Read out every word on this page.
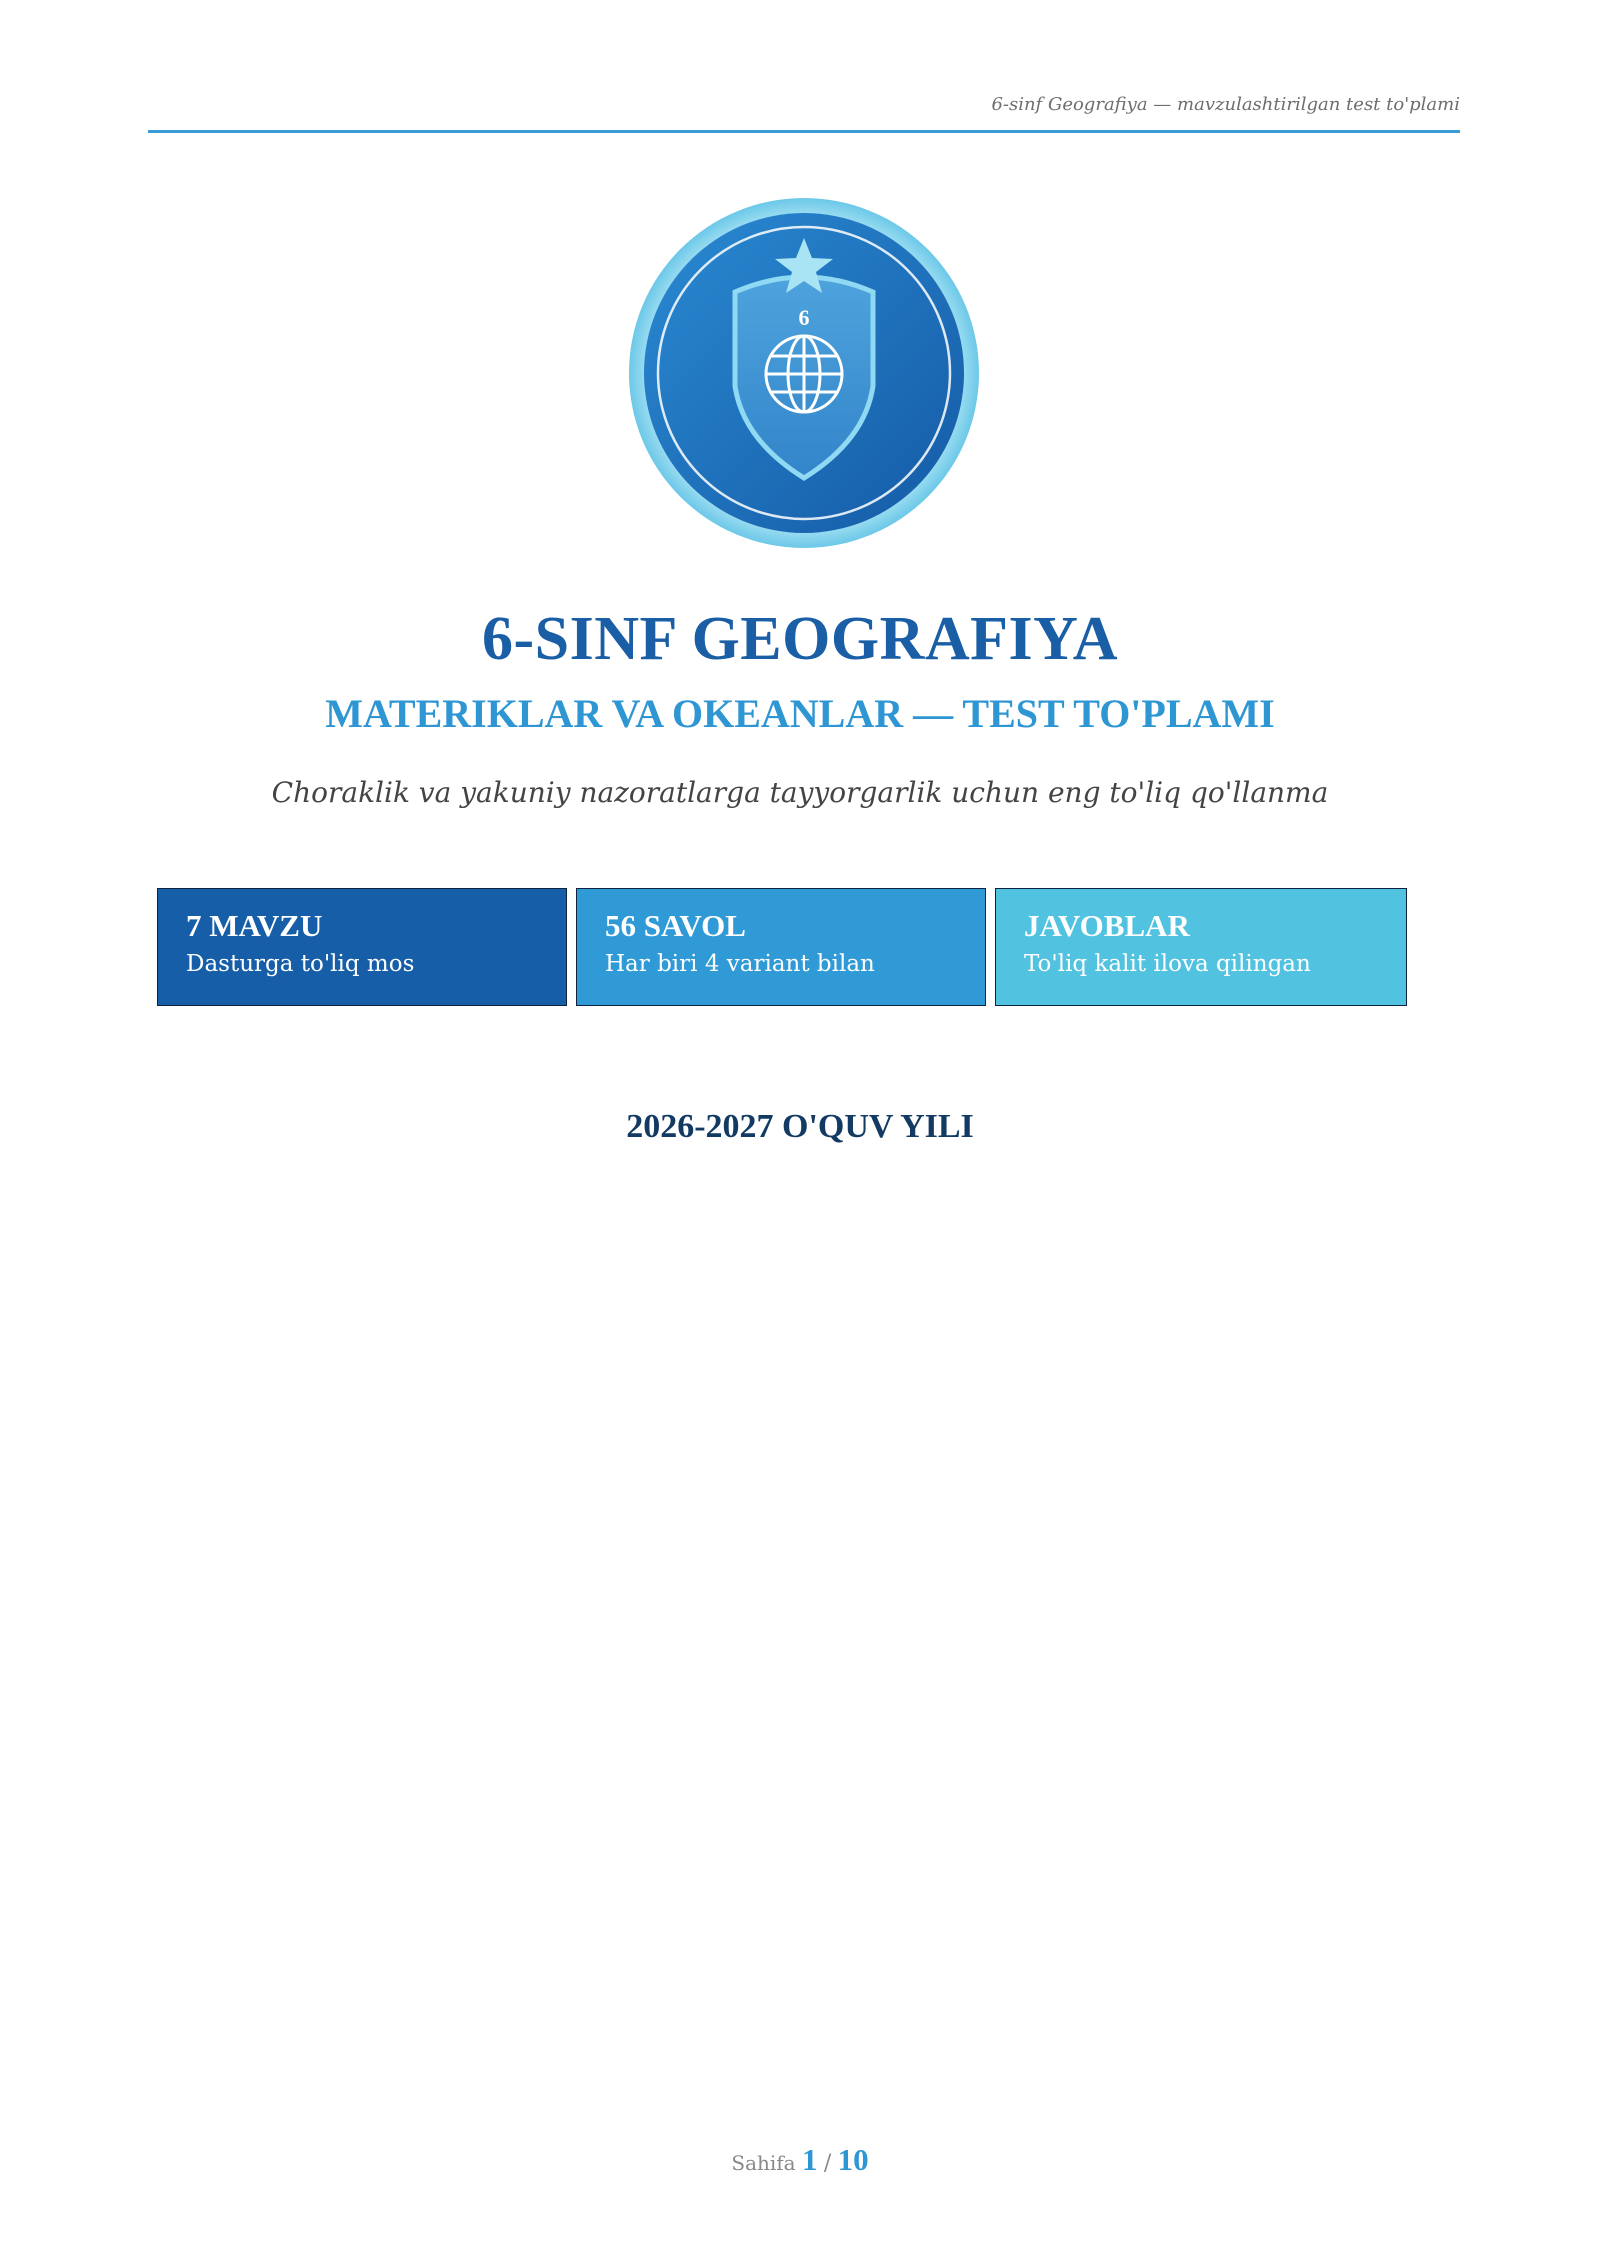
6-sinf Geografiya — mavzulashtirilgan test to'plami
6
6-SINF GEOGRAFIYA
MATERIKLAR VA OKEANLAR — TEST TO'PLAMI
Choraklik va yakuniy nazoratlarga tayyorgarlik uchun eng to'liq qo'llanma
7 MAVZU
Dasturga to'liq mos
56 SAVOL
Har biri 4 variant bilan
JAVOBLAR
To'liq kalit ilova qilingan
2026-2027 O'QUV YILI
Sahifa 1 / 10
